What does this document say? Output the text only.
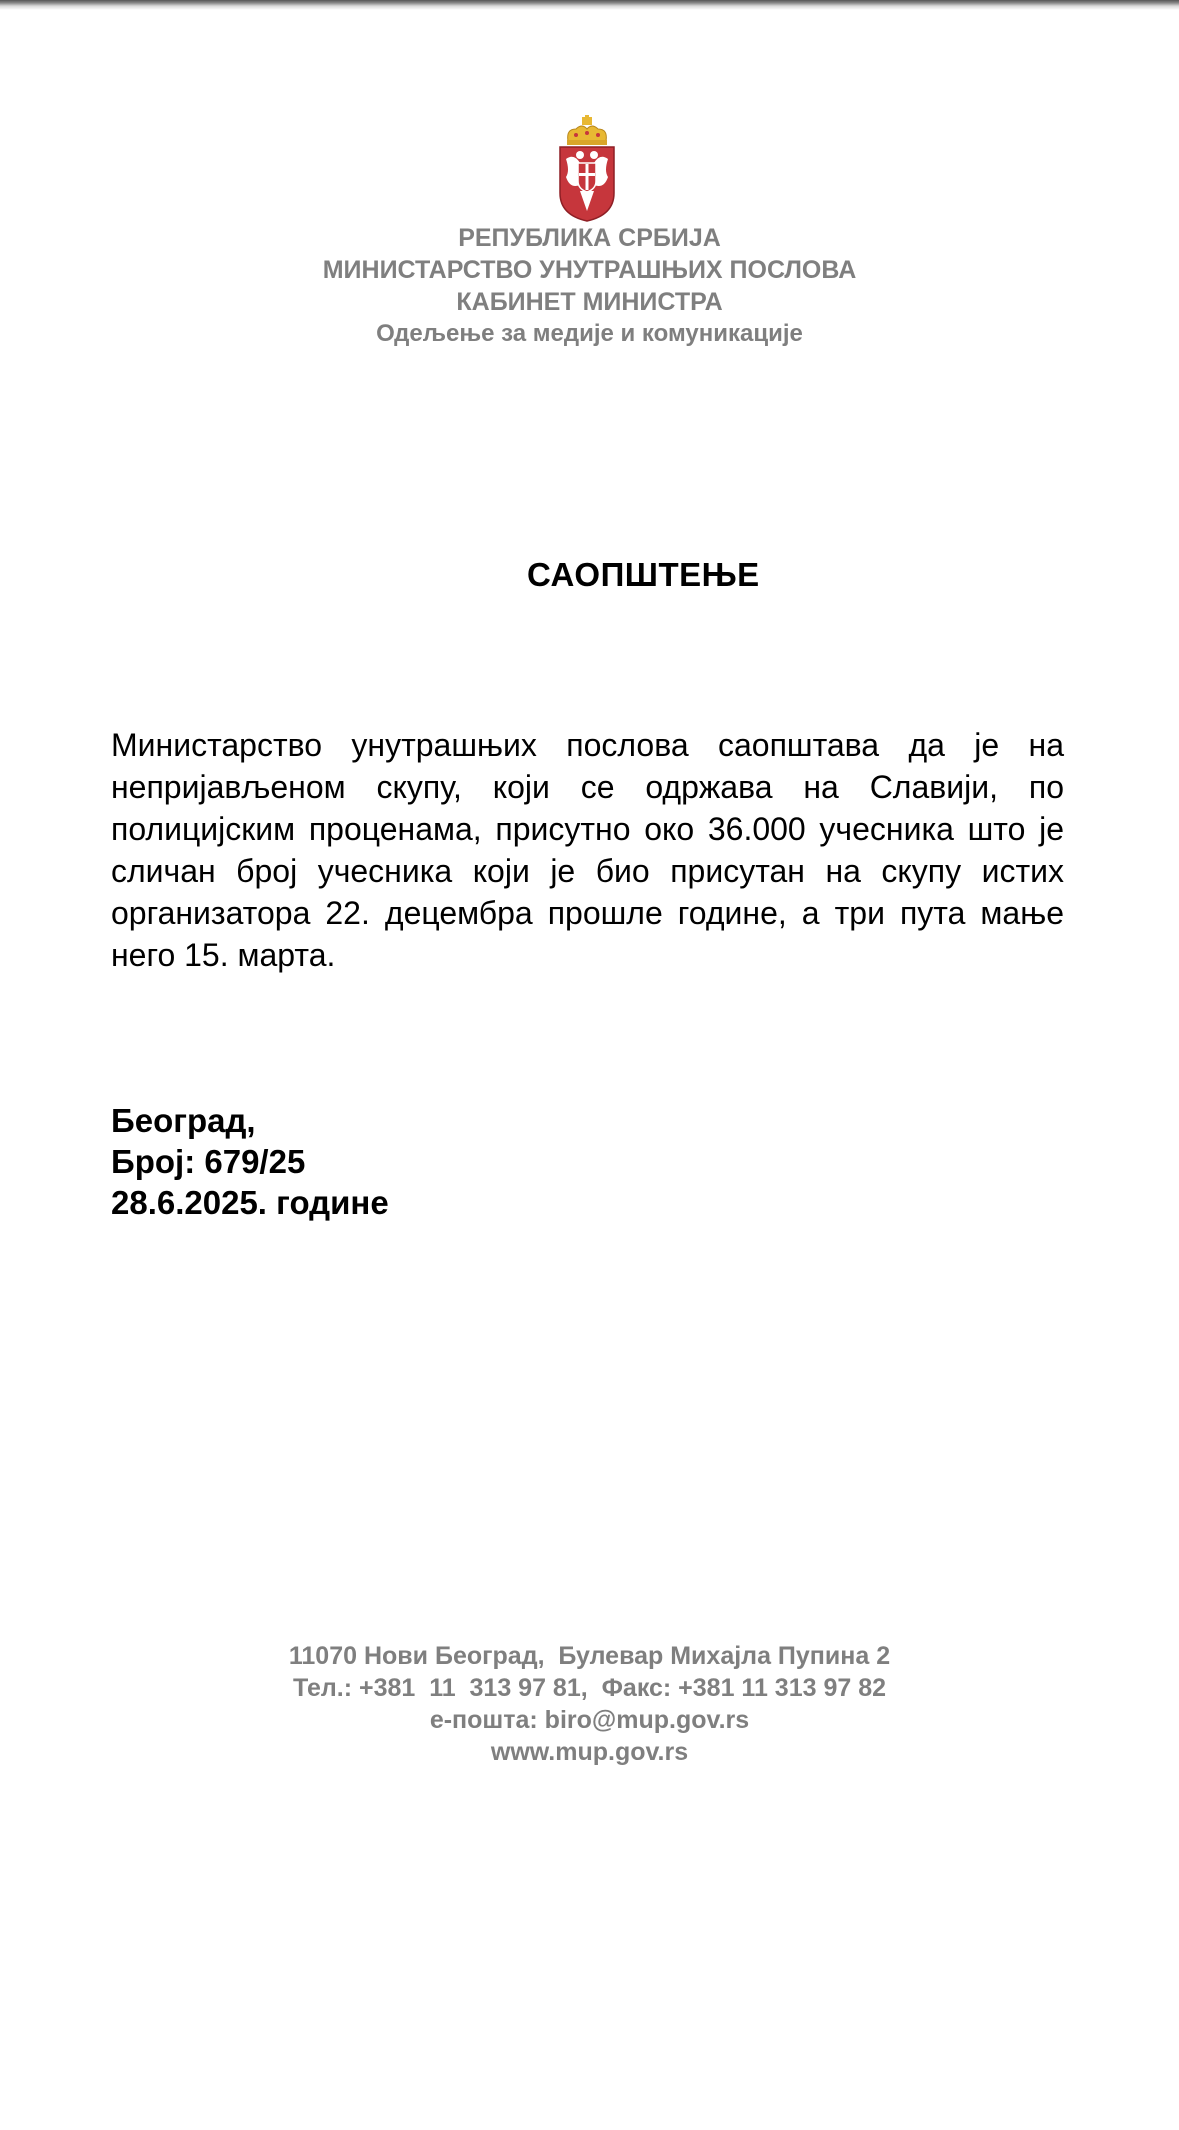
РЕПУБЛИКА СРБИЈА
МИНИСТАРСТВО УНУТРАШЊИХ ПОСЛОВА
КАБИНЕТ МИНИСТРА
Одељење за медије и комуникације
САОПШТЕЊЕ
Министарство унутрашњих послова саопштава да је на непријављеном скупу, који се одржава на Славији, по полицијским проценама, присутно око 36.000 учесника што је сличан број учесника који је био присутан на скупу истих организатора 22. децембра прошле године, а три пута мање него 15. марта.
Београд,
Број: 679/25
28.6.2025. године
11070 Нови Београд,  Булевар Михајла Пупина 2
Тел.: +381  11  313 97 81,  Факс: +381 11 313 97 82
е-пошта: biro@mup.gov.rs
www.mup.gov.rs
